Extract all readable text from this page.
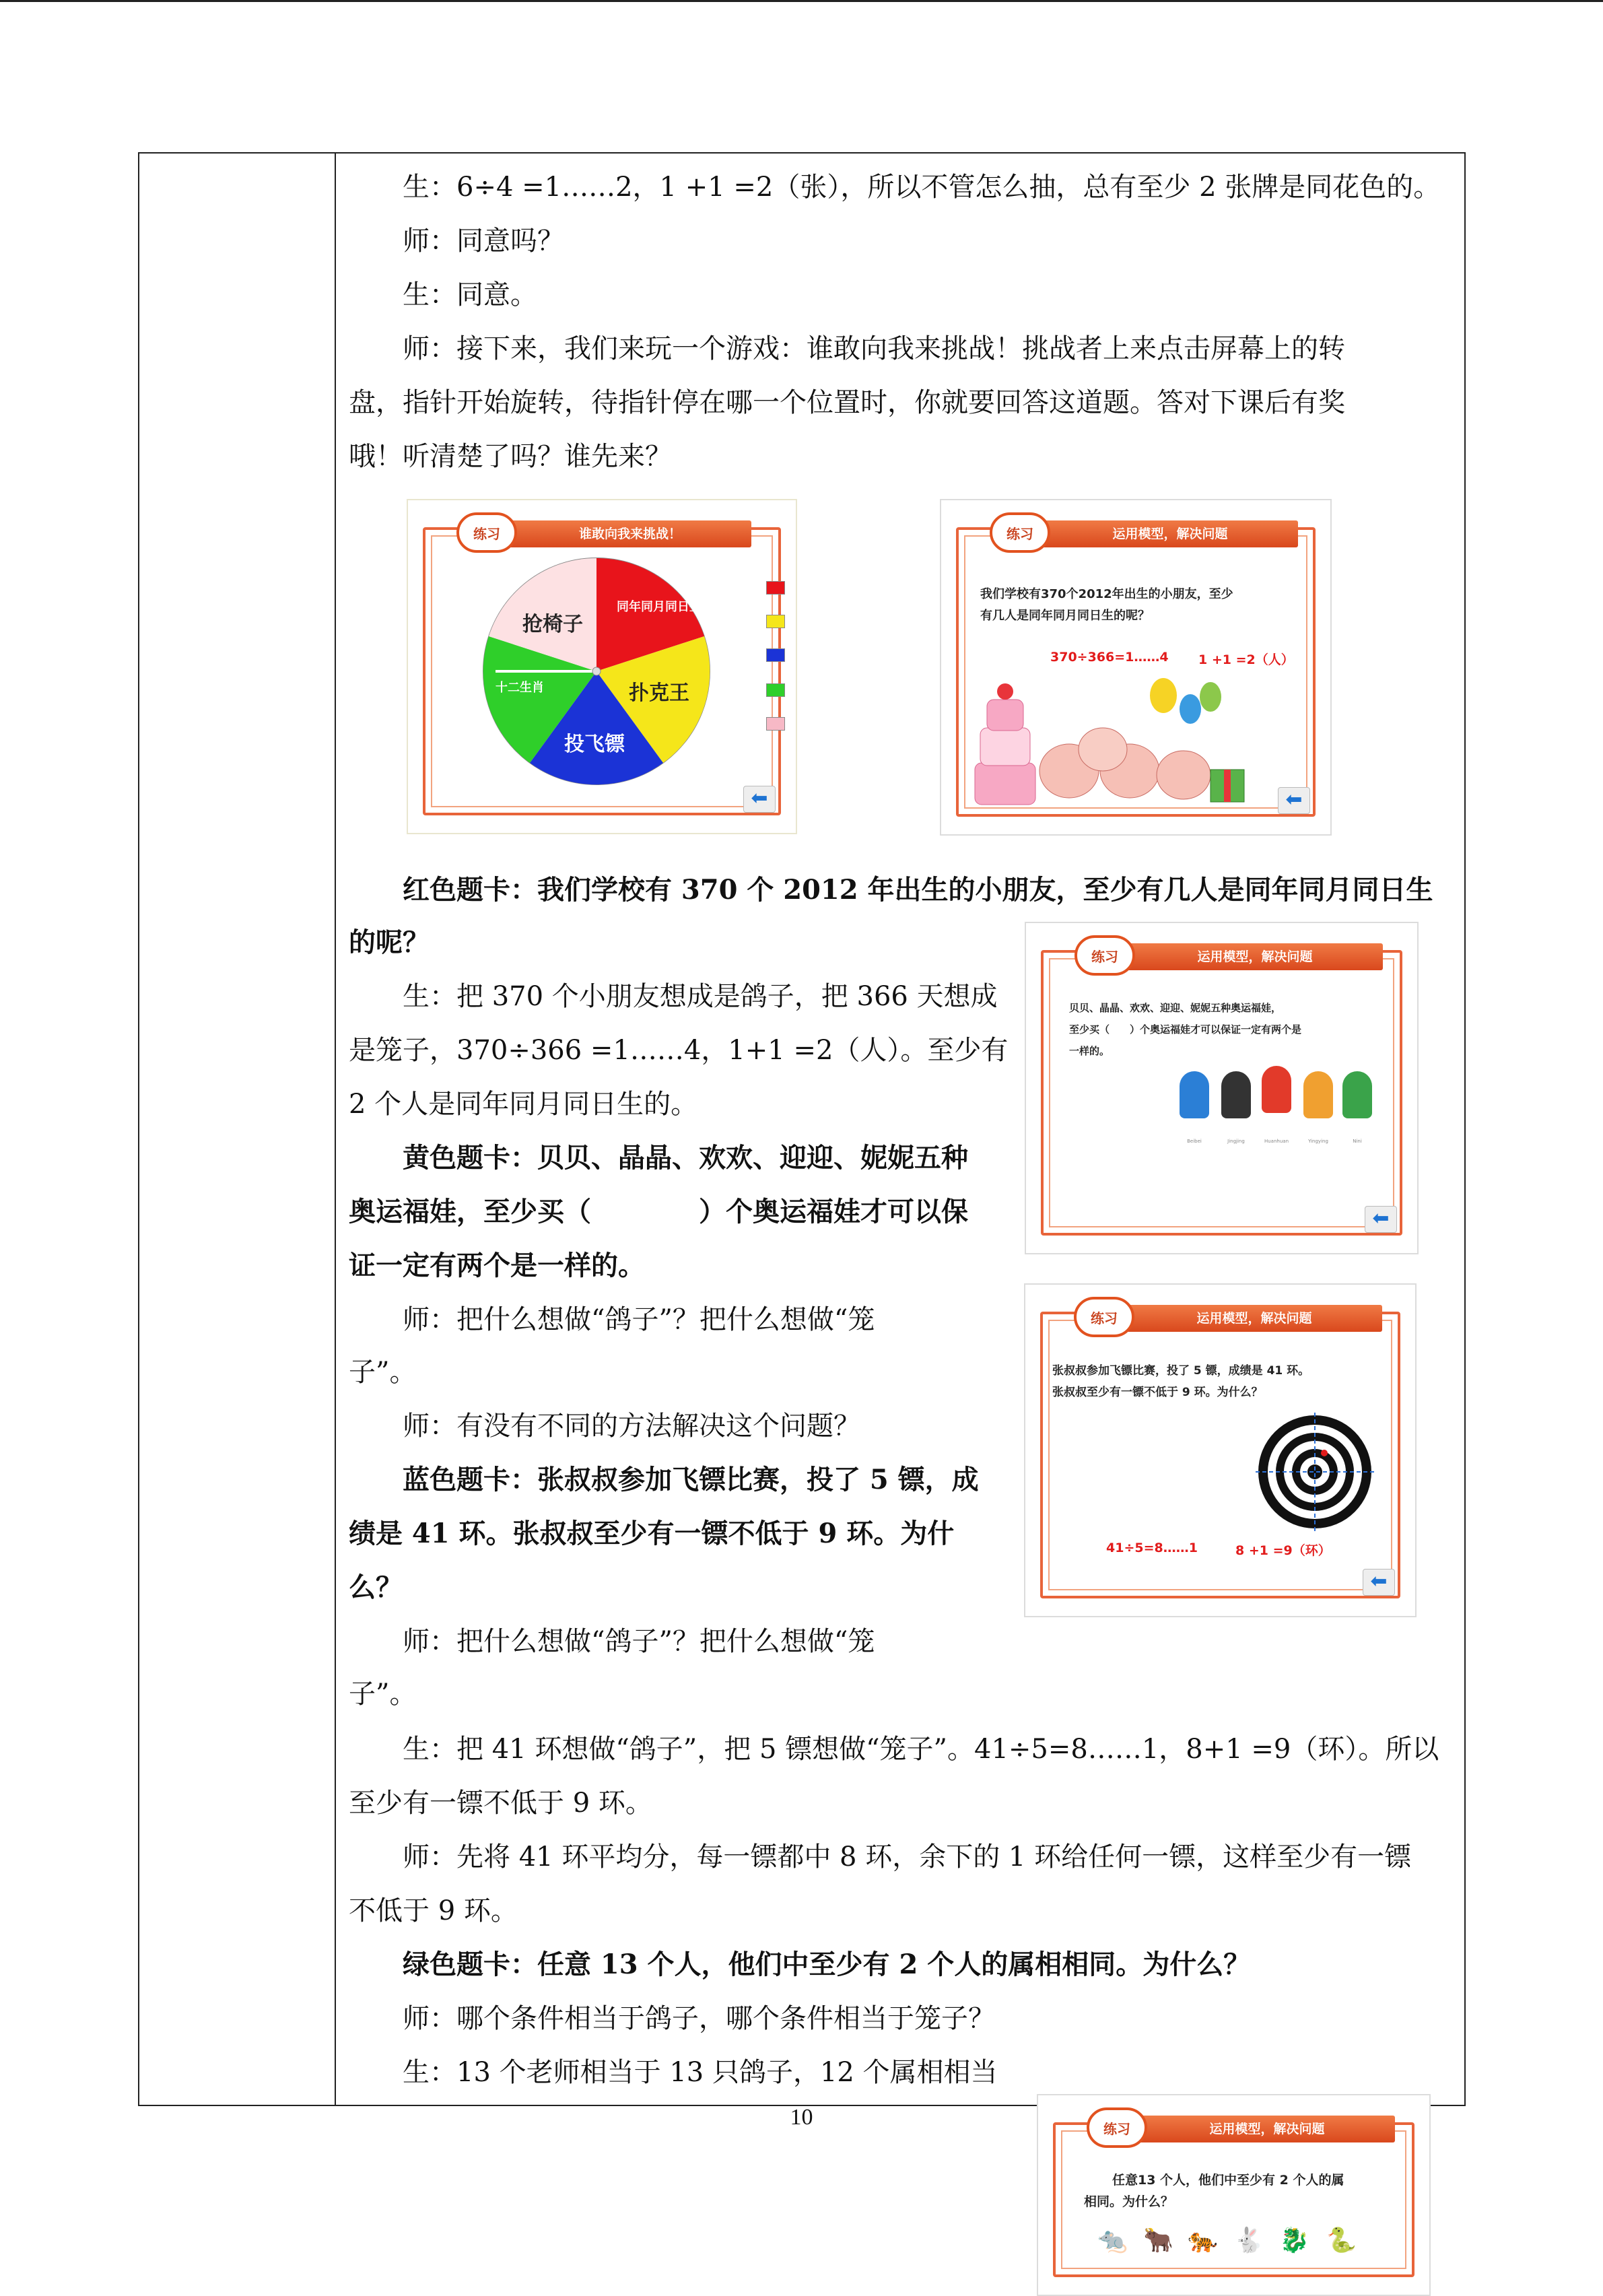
生：6÷4 =1……2，1 +1 =2（张），所以不管怎么抽，总有至少 2 张牌是同花色的。
师：同意吗？
生：同意。
师：接下来，我们来玩一个游戏：谁敢向我来挑战！挑战者上来点击屏幕上的转
盘，指针开始旋转，待指针停在哪一个位置时，你就要回答这道题。答对下课后有奖
哦！听清楚了吗？谁先来？
红色题卡：我们学校有 370 个 2012 年出生的小朋友，至少有几人是同年同月同日生
的呢？
生：把 370 个小朋友想成是鸽子，把 366 天想成
是笼子，370÷366 =1……4，1+1 =2（人）。至少有
2 个人是同年同月同日生的。
黄色题卡：贝贝、晶晶、欢欢、迎迎、妮妮五种
奥运福娃，至少买（　　　　）个奥运福娃才可以保
证一定有两个是一样的。
师：把什么想做“鸽子”？把什么想做“笼
子”。
师：有没有不同的方法解决这个问题？
蓝色题卡：张叔叔参加飞镖比赛，投了 5 镖，成
绩是 41 环。张叔叔至少有一镖不低于 9 环。为什
么？
师：把什么想做“鸽子”？把什么想做“笼
子”。
生：把 41 环想做“鸽子”，把 5 镖想做“笼子”。41÷5=8……1，8+1 =9（环）。所以
至少有一镖不低于 9 环。
师：先将 41 环平均分，每一镖都中 8 环，余下的 1 环给任何一镖，这样至少有一镖
不低于 9 环。
绿色题卡：任意 13 个人，他们中至少有 2 个人的属相相同。为什么？
师：哪个条件相当于鸽子，哪个条件相当于笼子？
生：13 个老师相当于 13 只鸽子，12 个属相相当
谁敢向我来挑战！
练习
同年同月同日生
扑克王
投飞镖
十二生肖
抢椅子
⬅
运用模型，解决问题
练习
我们学校有370个2012年出生的小朋友，至少
有几人是同年同月同日生的呢？
370÷366=1……4 1 +1 =2（人）
⬅
运用模型，解决问题
练习
贝贝、晶晶、欢欢、迎迎、妮妮五种奥运福娃，
至少买（　　）个奥运福娃才可以保证一定有两个是
一样的。
Beibei	Jingjing	Huanhuan	Yingying	Nini
⬅
运用模型，解决问题
练习
张叔叔参加飞镖比赛，投了 5 镖，成绩是 41 环。
张叔叔至少有一镖不低于 9 环。为什么？
41÷5=8……1	8 +1 =9（环）
⬅
运用模型，解决问题
练习
任意13 个人，他们中至少有 2 个人的属
相同。为什么？
🐀 🐂 🐅 🐇 🐉 🐍
10
